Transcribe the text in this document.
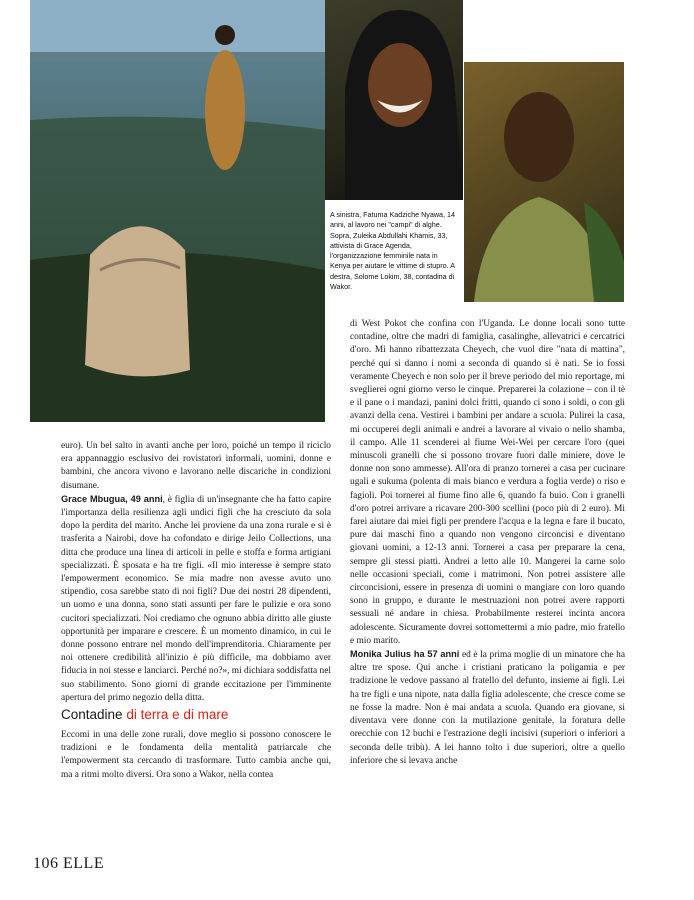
A sinistra, Fatuma Kadziche Nyawa, 14 anni, al lavoro nei "campi" di alghe. Sopra, Zuleika Abdullahi Khamis, 33, attivista di Grace Agenda, l'organizzazione femminile nata in Kenya per aiutare le vittime di stupro. A destra, Solome Lokim, 38, contadina di Wakor.

euro). Un bel salto in avanti anche per loro, poiché un tempo il riciclo era appannaggio esclusivo dei rovistatori informali, uomini, donne e bambini, che ancora vivono e lavorano nelle discariche in condizioni disumane.

Grace Mbugua, 49 anni, è figlia di un'insegnante che ha fatto capire l'importanza della resilienza agli undici figli che ha cresciuto da sola dopo la perdita del marito. Anche lei proviene da una zona rurale e si è trasferita a Nairobi, dove ha cofondato e dirige Jeilo Collections, una ditta che produce una linea di articoli in pelle e stoffa e forma artigiani specializzati. È sposata e ha tre figli. «Il mio interesse è sempre stato l'empowerment economico. Se mia madre non avesse avuto uno stipendio, cosa sarebbe stato di noi figli? Due dei nostri 28 dipendenti, un uomo e una donna, sono stati assunti per fare le pulizie e ora sono cucitori specializzati. Noi crediamo che ognuno abbia diritto alle giuste opportunità per imparare e crescere. È un momento dinamico, in cui le donne possono entrare nel mondo dell'imprenditoria. Chiaramente per noi ottenere credibilità all'inizio è più difficile, ma dobbiamo aver fiducia in noi stesse e lanciarci. Perché no?», mi dichiara soddisfatta nel suo stabilimento. Sono giorni di grande eccitazione per l'imminente apertura del primo negozio della ditta.

Contadine di terra e di mare

Eccomi in una delle zone rurali, dove meglio si possono conoscere le tradizioni e le fondamenta della mentalità patriarcale che l'empowerment sta cercando di trasformare. Tutto cambia anche qui, ma a ritmi molto diversi. Ora sono a Wakor, nella contea

di West Pokot che confina con l'Uganda. Le donne locali sono tutte contadine, oltre che madri di famiglia, casalinghe, allevatrici e cercatrici d'oro. Mi hanno ribattezzata Cheyech, che vuol dire "nata di mattina", perché qui si danno i nomi a seconda di quando si è nati. Se io fossi veramente Cheyech e non solo per il breve periodo del mio reportage, mi sveglierei ogni giorno verso le cinque. Preparerei la colazione – con il tè e il pane o i mandazi, panini dolci fritti, quando ci sono i soldi, o con gli avanzi della cena. Vestirei i bambini per andare a scuola. Pulirei la casa, mi occuperei degli animali e andrei a lavorare al vivaio o nello shamba, il campo. Alle 11 scenderei al fiume Wei-Wei per cercare l'oro (quei minuscoli granelli che si possono trovare fuori dalle miniere, dove le donne non sono ammesse). All'ora di pranzo tornerei a casa per cucinare ugali e sukuma (polenta di mais bianco e verdura a foglia verde) o riso e fagioli. Poi tornerei al fiume fino alle 6, quando fa buio. Con i granelli d'oro potrei arrivare a ricavare 200-300 scellini (poco più di 2 euro). Mi farei aiutare dai miei figli per prendere l'acqua e la legna e fare il bucato, pure dai maschi fino a quando non vengono circoncisi e diventano giovani uomini, a 12-13 anni. Tornerei a casa per preparare la cena, sempre gli stessi piatti. Andrei a letto alle 10. Mangerei la carne solo nelle occasioni speciali, come i matrimoni. Non potrei assistere alle circoncisioni, essere in presenza di uomini o mangiare con loro quando sono in gruppo, e durante le mestruazioni non potrei avere rapporti sessuali né andare in chiesa. Probabilmente resterei incinta ancora adolescente. Sicuramente dovrei sottomettermi a mio padre, mio fratello e mio marito.

Monika Julius ha 57 anni ed è la prima moglie di un minatore che ha altre tre spose. Qui anche i cristiani praticano la poligamia e per tradizione le vedove passano al fratello del defunto, insieme ai figli. Lei ha tre figli e una nipote, nata dalla figlia adolescente, che cresce come se ne fosse la madre. Non è mai andata a scuola. Quando era giovane, si diventava vere donne con la mutilazione genitale, la foratura delle orecchie con 12 buchi e l'estrazione degli incisivi (superiori o inferiori a seconda delle tribù). A lei hanno tolto i due superiori, oltre a quello inferiore che si levava anche

106 ELLE
